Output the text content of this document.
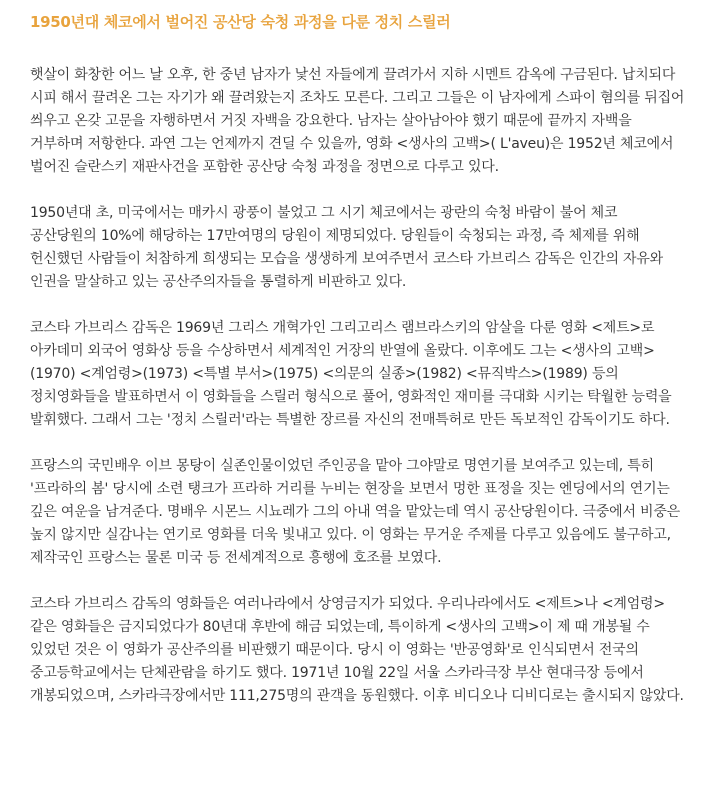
1950년대 체코에서 벌어진 공산당 숙청 과정을 다룬 정치 스릴러

햇살이 화창한 어느 날 오후, 한 중년 남자가 낯선 자들에게 끌려가서 지하 시멘트 감옥에 구금된다. 납치되다 시피 해서 끌려온 그는 자기가 왜 끌려왔는지 조차도 모른다. 그리고 그들은 이 남자에게 스파이 혐의를 뒤집어 씌우고 온갖 고문을 자행하면서 거짓 자백을 강요한다. 남자는 살아남아야 했기 때문에 끝까지 자백을 거부하며 저항한다. 과연 그는 언제까지 견딜 수 있을까, 영화 <생사의 고백>( L'aveu)은 1952년 체코에서 벌어진 슬란스키 재판사건을 포함한 공산당 숙청 과정을 정면으로 다루고 있다.

1950년대 초, 미국에서는 매카시 광풍이 불었고 그 시기 체코에서는 광란의 숙청 바람이 불어 체코 공산당원의 10%에 해당하는 17만여명의 당원이 제명되었다. 당원들이 숙청되는 과정, 즉 체제를 위해 헌신했던 사람들이 처참하게 희생되는 모습을 생생하게 보여주면서 코스타 가브리스 감독은 인간의 자유와 인권을 말살하고 있는 공산주의자들을 통렬하게 비판하고 있다.

코스타 가브리스 감독은 1969년 그리스 개혁가인 그리고리스 램브라스키의 암살을 다룬 영화 <제트>로 아카데미 외국어 영화상 등을 수상하면서 세계적인 거장의 반열에 올랐다. 이후에도 그는 <생사의 고백>(1970) <계엄령>(1973) <특별 부서>(1975) <의문의 실종>(1982) <뮤직박스>(1989) 등의 정치영화들을 발표하면서 이 영화들을 스릴러 형식으로 풀어, 영화적인 재미를 극대화 시키는 탁월한 능력을 발휘했다. 그래서 그는 '정치 스릴러'라는 특별한 장르를 자신의 전매특허로 만든 독보적인 감독이기도 하다.

프랑스의 국민배우 이브 몽탕이 실존인물이었던 주인공을 맡아 그야말로 명연기를 보여주고 있는데, 특히 '프라하의 봄' 당시에 소련 탱크가 프라하 거리를 누비는 현장을 보면서 멍한 표정을 짓는 엔딩에서의 연기는 깊은 여운을 남겨준다. 명배우 시몬느 시뇨레가 그의 아내 역을 맡았는데 역시 공산당원이다. 극중에서 비중은 높지 않지만 실감나는 연기로 영화를 더욱 빛내고 있다. 이 영화는 무거운 주제를 다루고 있음에도 불구하고, 제작국인 프랑스는 물론 미국 등 전세계적으로 흥행에 호조를 보였다.

코스타 가브리스 감독의 영화들은 여러나라에서 상영금지가 되었다. 우리나라에서도 <제트>나 <계엄령> 같은 영화들은 금지되었다가 80년대 후반에 해금 되었는데, 특이하게 <생사의 고백>이 제 때 개봉될 수 있었던 것은 이 영화가 공산주의를 비판했기 때문이다. 당시 이 영화는 '반공영화'로 인식되면서 전국의 중고등학교에서는 단체관람을 하기도 했다. 1971년 10월 22일 서울 스카라극장 부산 현대극장 등에서 개봉되었으며, 스카라극장에서만 111,275명의 관객을 동원했다. 이후 비디오나 디비디로는 출시되지 않았다.
